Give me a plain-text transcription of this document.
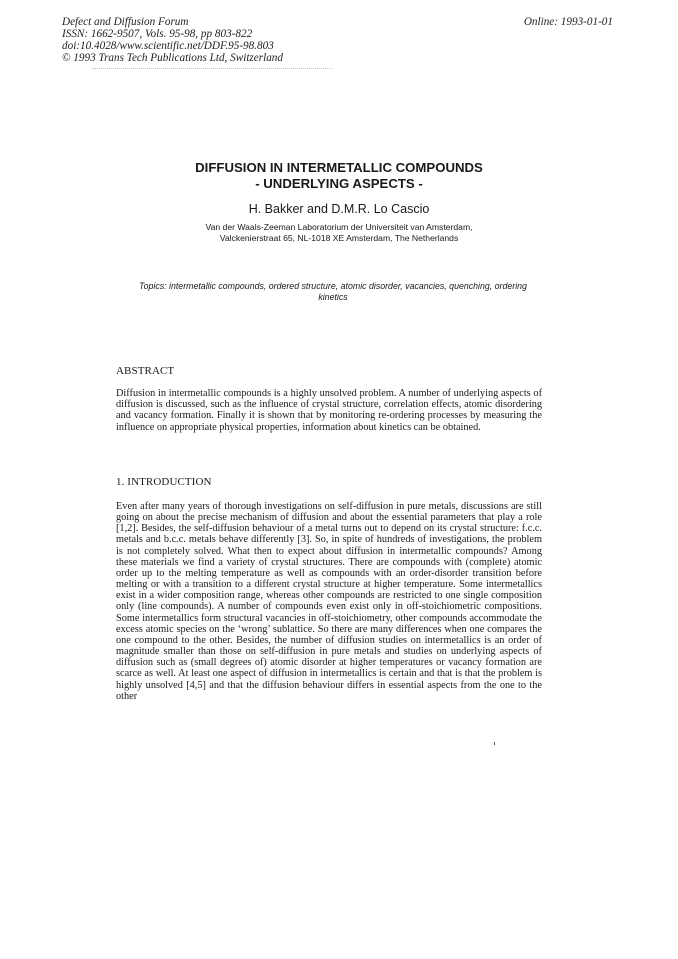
Defect and Diffusion Forum
ISSN: 1662-9507, Vols. 95-98, pp 803-822
doi:10.4028/www.scientific.net/DDF.95-98.803
© 1993 Trans Tech Publications Ltd, Switzerland
Online: 1993-01-01
DIFFUSION IN INTERMETALLIC COMPOUNDS
- UNDERLYING ASPECTS -
H. Bakker and D.M.R. Lo Cascio
Van der Waals-Zeeman Laboratorium der Universiteit van Amsterdam,
Valckenierstraat 65, NL-1018 XE Amsterdam, The Netherlands
Topics: intermetallic compounds, ordered structure, atomic disorder, vacancies, quenching, ordering kinetics
ABSTRACT
Diffusion in intermetallic compounds is a highly unsolved problem. A number of underlying aspects of diffusion is discussed, such as the influence of crystal structure, correlation effects, atomic disordering and vacancy formation. Finally it is shown that by monitoring re-ordering processes by measuring the influence on appropriate physical properties, information about kinetics can be obtained.
1. INTRODUCTION
Even after many years of thorough investigations on self-diffusion in pure metals, discussions are still going on about the precise mechanism of diffusion and about the essential parameters that play a role [1,2]. Besides, the self-diffusion behaviour of a metal turns out to depend on its crystal structure: f.c.c. metals and b.c.c. metals behave differently [3]. So, in spite of hundreds of investigations, the problem is not completely solved. What then to expect about diffusion in intermetallic compounds? Among these materials we find a variety of crystal structures. There are compounds with (complete) atomic order up to the melting temperature as well as compounds with an order-disorder transition before melting or with a transition to a different crystal structure at higher temperature. Some intermetallics exist in a wider composition range, whereas other compounds are restricted to one single composition only (line compounds). A number of compounds even exist only in off-stoichiometric compositions. Some intermetallics form structural vacancies in off-stoichiometry, other compounds accommodate the excess atomic species on the ‘wrong’ sublattice. So there are many differences when one compares the one compound to the other. Besides, the number of diffusion studies on intermetallics is an order of magnitude smaller than those on self-diffusion in pure metals and studies on underlying aspects of diffusion such as (small degrees of) atomic disorder at higher temperatures or vacancy formation are scarce as well. At least one aspect of diffusion in intermetallics is certain and that is that the problem is highly unsolved [4,5] and that the diffusion behaviour differs in essential aspects from the one to the other
